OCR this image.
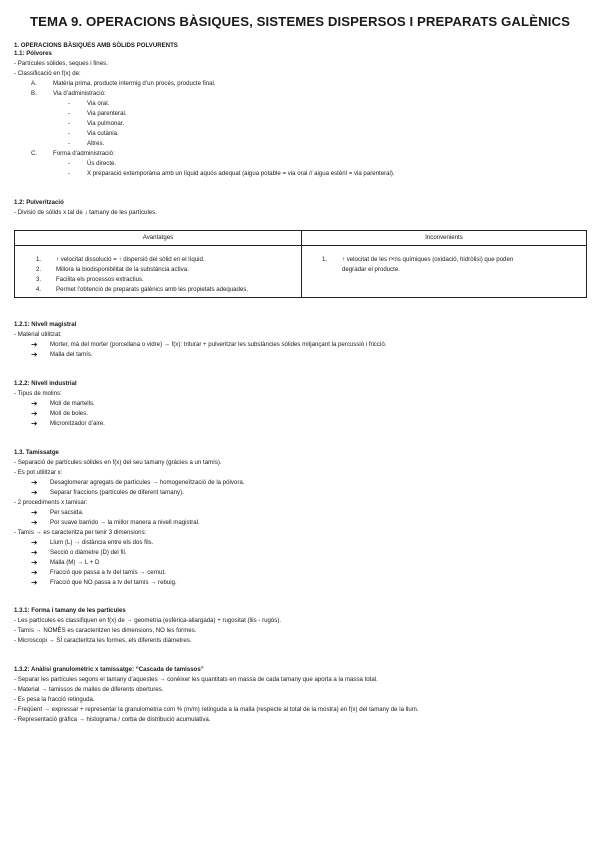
TEMA 9. OPERACIONS BÀSIQUES, SISTEMES DISPERSOS I PREPARATS GALÈNICS
1. OPERACIONS BÀSIQUES AMB SÒLIDS POLVURENTS
1.1: Pólvores
- Partícules sòlides, seques i fines.
- Classificació en f(x) de:
A.	Matèria prima, producte intermig d’un procés, producte final.
B.	Via d’administració:
-	Via oral.
-	Via parenteral.
-	Via pulmonar.
-	Via cutània.
-	Altres.
C.	Forma d’administració:
-	Ús directe.
-	X preparació extemporània amb un líquid aquós adequat (aigua potable = via oral // aigua estèril = via parenteral).
1.2: Pulverització
- Divisió de sòlids x tal de ↓ tamany de les partícules.
Avantatges	Inconvenients
1. ↑ velocitat dissolució = ↑ dispersió del sòlid en el líquid.
2. Millora la biodisponibilitat de la substància activa.
3. Facilita els processos extractius.
4. Permet l’obtenció de preparats galènics amb les propietats adequades.
1. ↑ velocitat de les r×ns químiques (oxidació, hidròlisi) que poden
degradar el producte.
1.2.1: Nivell magistral
- Material utilitzat:
➔ Morter, mà del morter (porcellana o vidre) → f(x): triturar + pulveritzar les substàncies sòlides mitjançant la percussió i fricció.
➔ Malla del tamís.
1.2.2: Nivell industrial
- Tipus de molins:
➔ Molí de martells.
➔ Molí de boles.
➔ Micronitzador d’aire.
1.3. Tamissatge
- Separació de partícules sòlides en f(x) del seu tamany (gràcies a un tamís).
- Es pot utilitzar x:
➔ Desaglomerar agregats de partícules → homogeneïtzació de la pólvora.
➔ Separar fraccions (partícules de diferent tamany).
- 2 procediments x tamisar:
➔ Per sacsida.
➔ Por suave barrido → la millor manera a nivell magistral.
- Tamís → es caracteritza per tenir 3 dimensions:
➔ Llum (L) → distància entre els dos fils.
➔ Secció o diàmetre (D) del fil.
➔ Malla (M) → L + D
➔ Fracció que passa a tv del tamís → cernut.
➔ Fracció que NO passa a tv del tamís → rebuig.
1.3.1: Forma i tamany de les partícules
- Les partícules es classifiquen en f(x) de → geometria (esfèrica-allargada) + rugositat (llis - rugós).
- Tamís → NOMÉS es caracteritzen les dimensions, NO les formes.
- Microscopi → SÍ caracteritza les formes, els diferents diàmetres.
1.3.2: Anàlisi granulomètric x tamissatge: “Cascada de tamissos”
- Separar les partícules segons el tamany d’aquestes → conèixer les quantitats en massa de cada tamany que aporta a la massa total.
- Material → tamissos de malles de diferents obertures.
- Es pesa la fracció retinguda.
- Freqüent → expressar + representar la granulometria com % (m/m) retinguda a la malla (respecte al total de la mostra) en f(x) del tamany de la llum.
- Representació gràfica → histograma / corba de distribució acumulativa.
